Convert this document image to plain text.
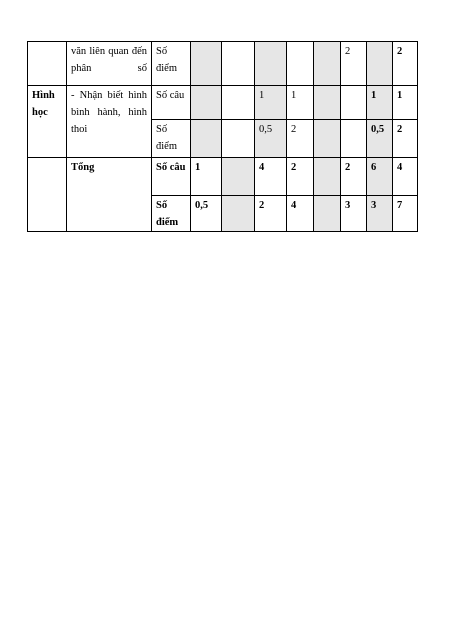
	văn liên quan đến phân số	Số điểm						2		2
Hình học	- Nhận biết hình bình hành, hình thoi	Số câu			1	1			1	1
		Số điểm			0,5	2			0,5	2
	Tổng	Số câu	1		4	2		2	6	4
		Số điểm	0,5		2	4		3	3	7
